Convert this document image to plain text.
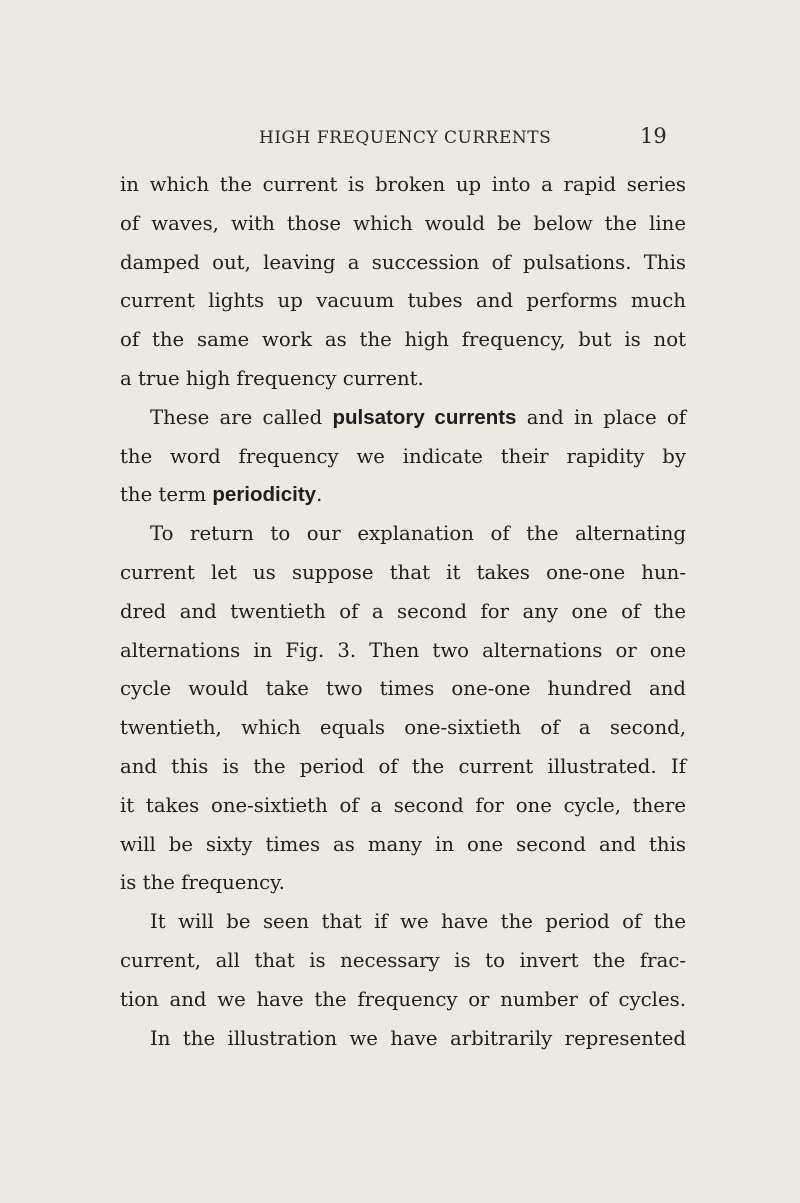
HIGH FREQUENCY CURRENTS	19
in which the current is broken up into a rapid series
of waves, with those which would be below the line
damped out, leaving a succession of pulsations. This
current lights up vacuum tubes and performs much
of the same work as the high frequency, but is not
a true high frequency current.
These are called pulsatory currents and in place of
the word frequency we indicate their rapidity by
the term periodicity.
To return to our explanation of the alternating
current let us suppose that it takes one-one hun-
dred and twentieth of a second for any one of the
alternations in Fig. 3. Then two alternations or one
cycle would take two times one-one hundred and
twentieth, which equals one-sixtieth of a second,
and this is the period of the current illustrated. If
it takes one-sixtieth of a second for one cycle, there
will be sixty times as many in one second and this
is the frequency.
It will be seen that if we have the period of the
current, all that is necessary is to invert the frac-
tion and we have the frequency or number of cycles.
In the illustration we have arbitrarily represented
